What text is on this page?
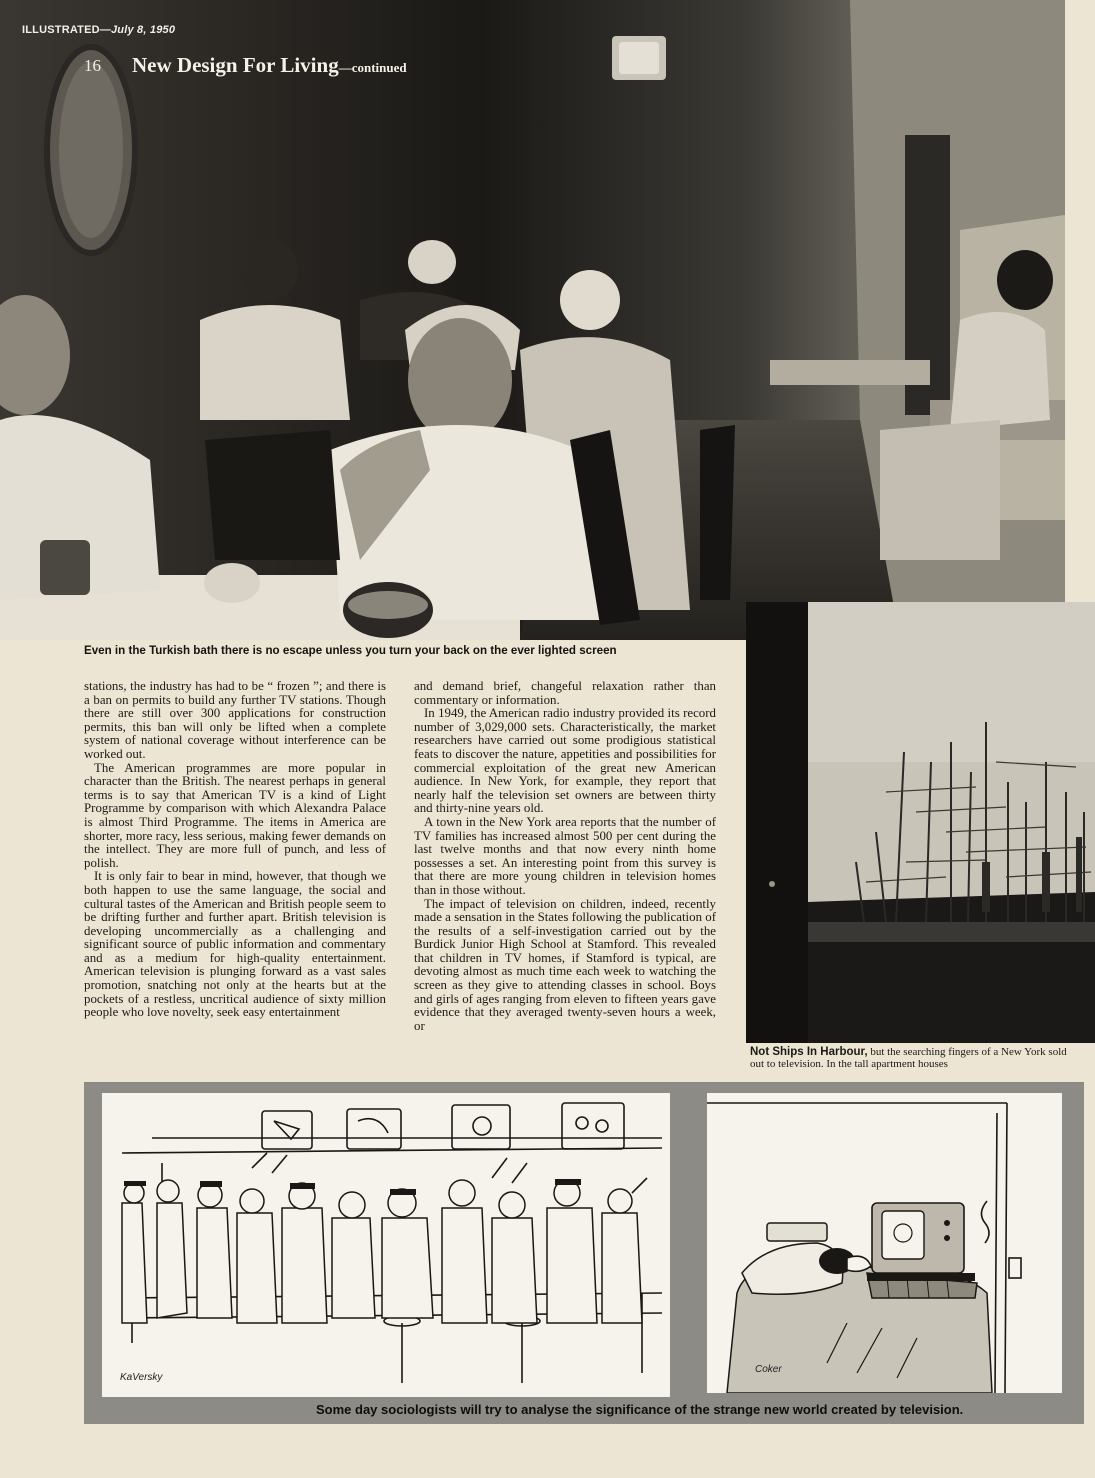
ILLUSTRATED—July 8, 1950
16 New Design For Living—continued
Even in the Turkish bath there is no escape unless you turn your back on the ever lighted screen

stations, the industry has had to be “ frozen ”; and there is a ban on permits to build any further TV stations. Though there are still over 300 applications for construction permits, this ban will only be lifted when a complete system of national coverage without interference can be worked out.

The American programmes are more popular in character than the British. The nearest perhaps in general terms is to say that American TV is a kind of Light Programme by comparison with which Alexandra Palace is almost Third Programme. The items in America are shorter, more racy, less serious, making fewer demands on the intellect. They are more full of punch, and less of polish.

It is only fair to bear in mind, however, that though we both happen to use the same language, the social and cultural tastes of the American and British people seem to be drifting further and further apart. British television is developing uncommercially as a challenging and significant source of public information and commentary and as a medium for high-quality entertainment. American television is plunging forward as a vast sales promotion, snatching not only at the hearts but at the pockets of a restless, uncritical audience of sixty million people who love novelty, seek easy entertainment

and demand brief, changeful relaxation rather than commentary or information.

In 1949, the American radio industry provided its record number of 3,029,000 sets. Characteristically, the market researchers have carried out some prodigious statistical feats to discover the nature, appetities and possibilities for commercial exploitation of the great new American audience. In New York, for example, they report that nearly half the television set owners are between thirty and thirty-nine years old.

A town in the New York area reports that the number of TV families has increased almost 500 per cent during the last twelve months and that now every ninth home possesses a set. An interesting point from this survey is that there are more young children in television homes than in those without.

The impact of television on children, indeed, recently made a sensation in the States following the publication of the results of a self-investigation carried out by the Burdick Junior High School at Stamford. This revealed that children in TV homes, if Stamford is typical, are devoting almost as much time each week to watching the screen as they give to attending classes in school. Boys and girls of ages ranging from eleven to fifteen years gave evidence that they averaged twenty-seven hours a week, or

Not Ships In Harbour, but the searching fingers of a New York sold out to television. In the tall apartment houses
KaVersky
Coker
Some day sociologists will try to analyse the significance of the strange new world created by television.
